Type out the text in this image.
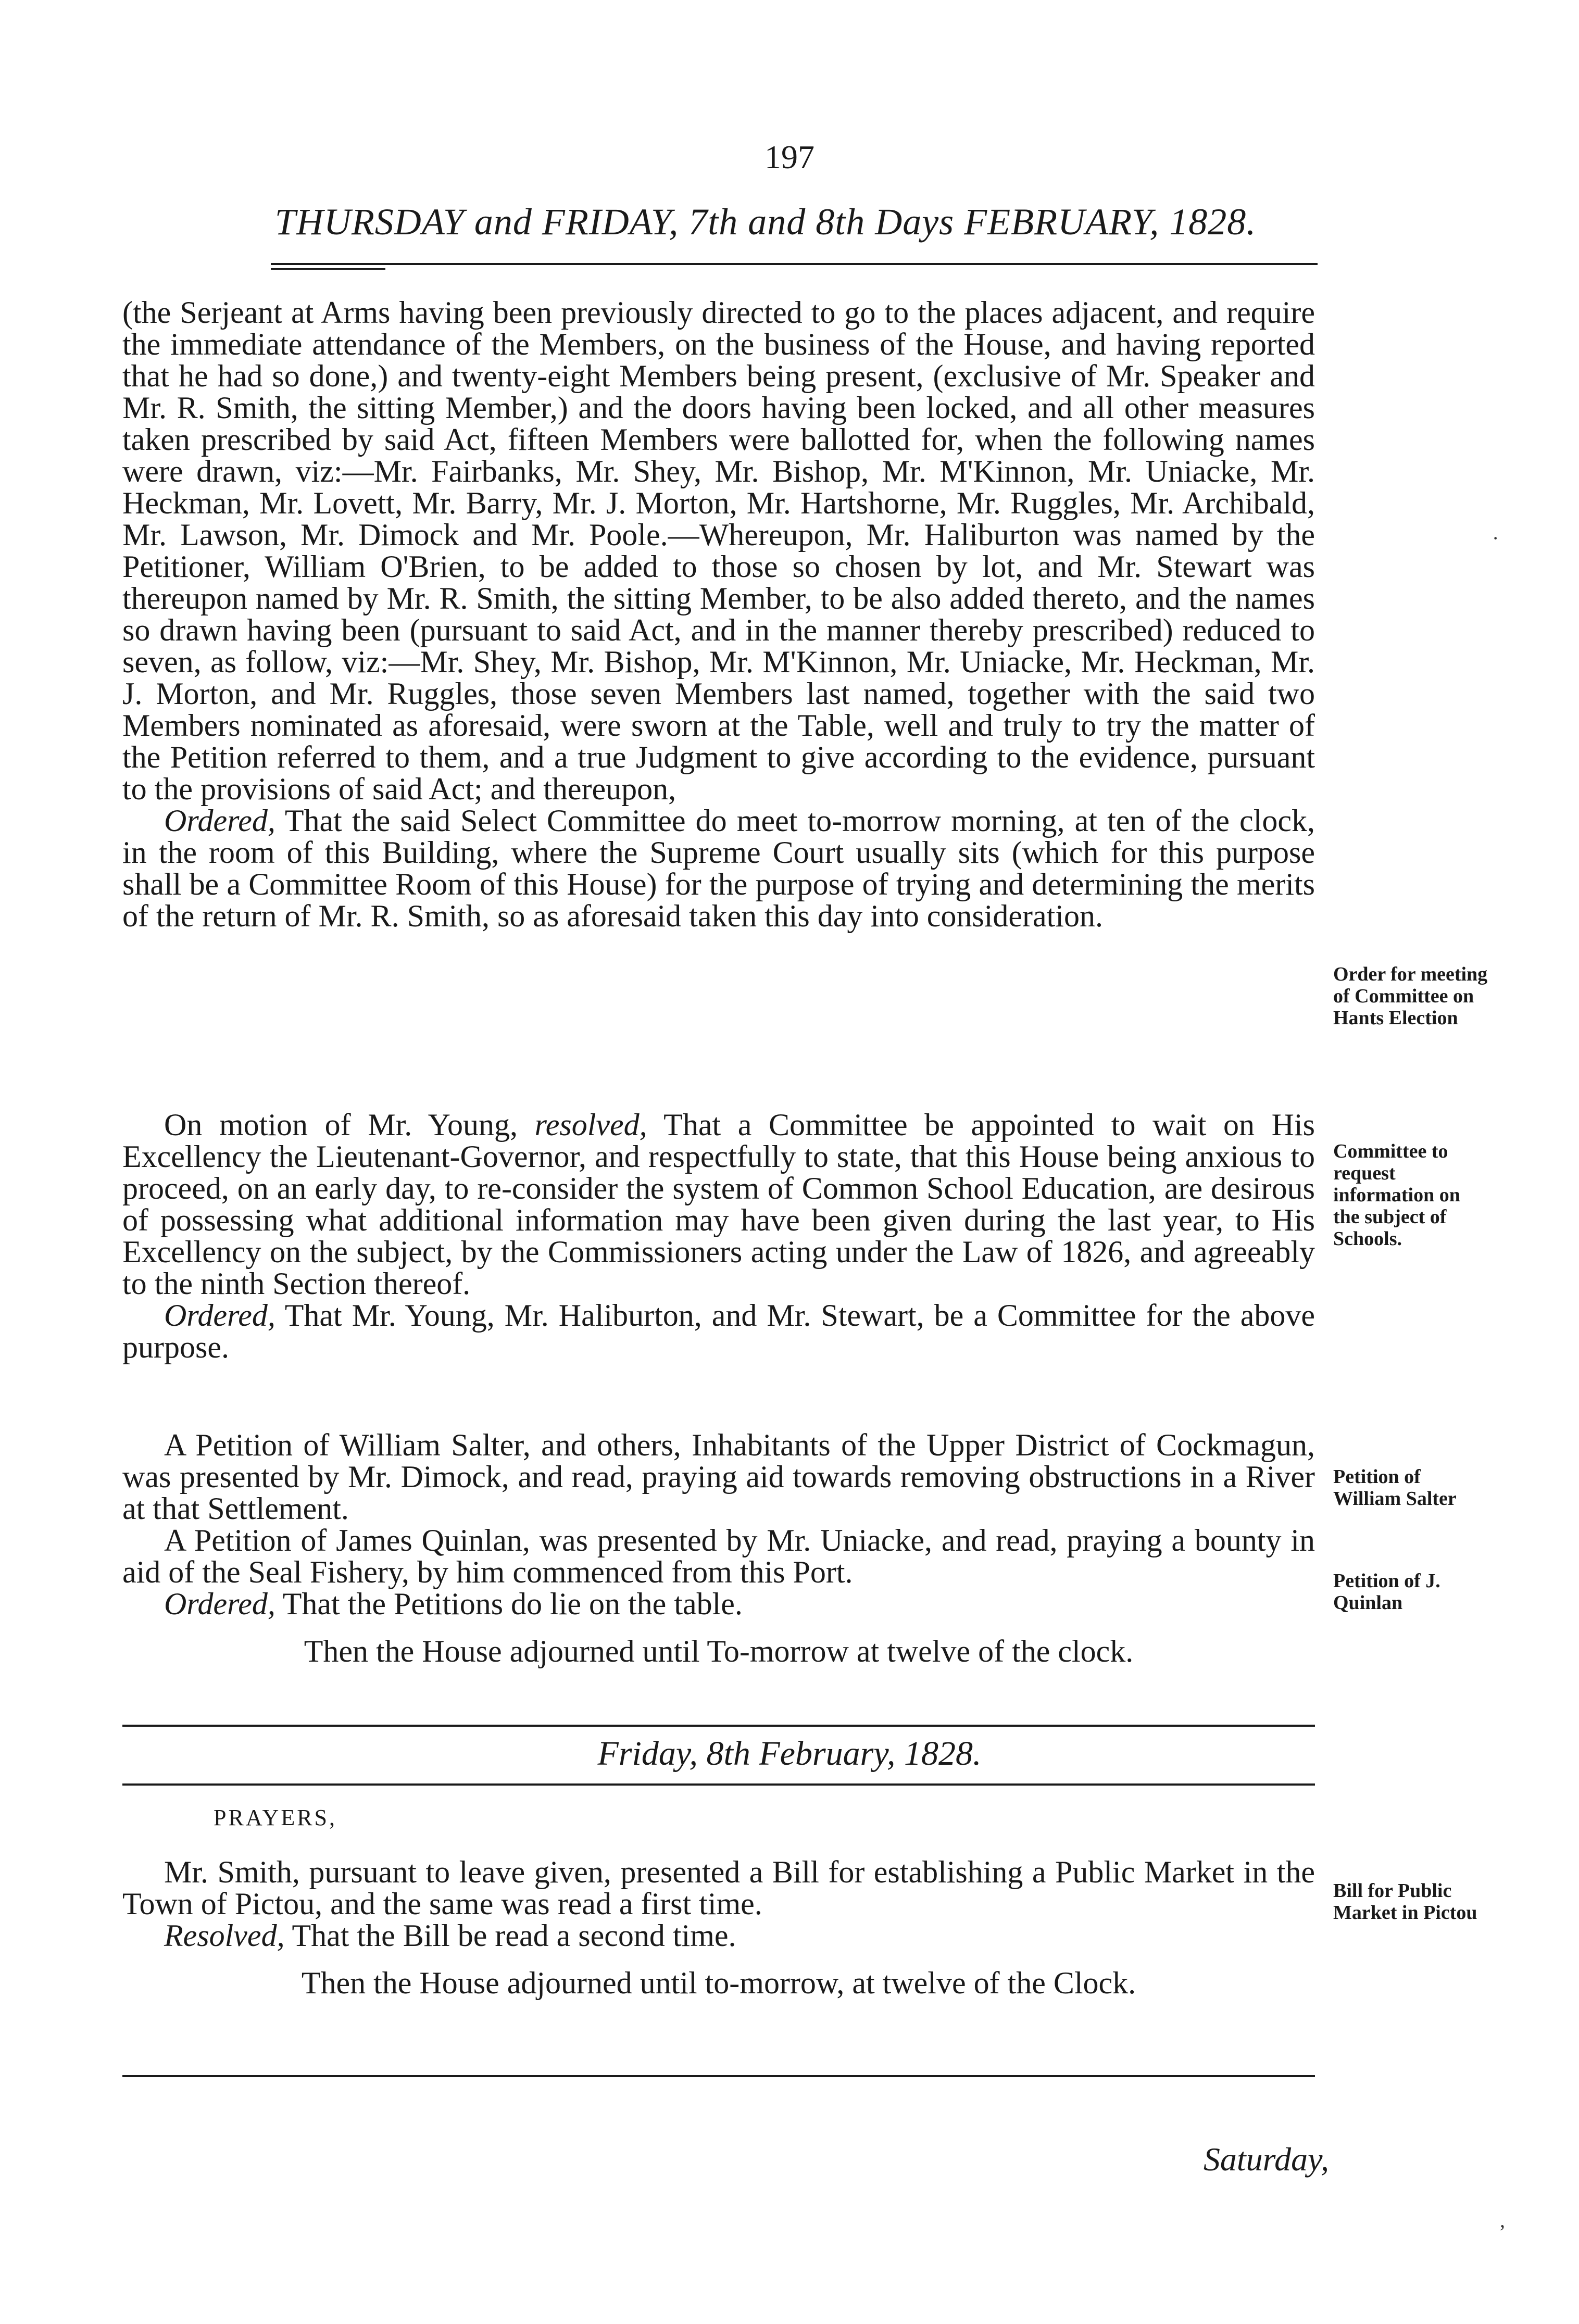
197
THURSDAY and FRIDAY, 7th and 8th Days FEBRUARY, 1828.

(the Serjeant at Arms having been previously directed to go to the places adjacent, and require the immediate attendance of the Members, on the business of the House, and having reported that he had so done,) and twenty-eight Members being present, (exclusive of Mr. Speaker and Mr. R. Smith, the sitting Member,) and the doors having been locked, and all other measures taken prescribed by said Act, fifteen Members were ballotted for, when the following names were drawn, viz:—Mr. Fairbanks, Mr. Shey, Mr. Bishop, Mr. M'Kinnon, Mr. Uniacke, Mr. Heckman, Mr. Lovett, Mr. Barry, Mr. J. Morton, Mr. Hartshorne, Mr. Ruggles, Mr. Archibald, Mr. Lawson, Mr. Dimock and Mr. Poole.—Whereupon, Mr. Haliburton was named by the Petitioner, William O'Brien, to be added to those so chosen by lot, and Mr. Stewart was thereupon named by Mr. R. Smith, the sitting Member, to be also added thereto, and the names so drawn having been (pursuant to said Act, and in the manner thereby prescribed) reduced to seven, as follow, viz:—Mr. Shey, Mr. Bishop, Mr. M'Kinnon, Mr. Uniacke, Mr. Heckman, Mr. J. Morton, and Mr. Ruggles, those seven Members last named, together with the said two Members nominated as aforesaid, were sworn at the Table, well and truly to try the matter of the Petition referred to them, and a true Judgment to give according to the evidence, pursuant to the provisions of said Act; and thereupon,

Ordered, That the said Select Committee do meet to-morrow morning, at ten of the clock, in the room of this Building, where the Supreme Court usually sits (which for this purpose shall be a Committee Room of this House) for the purpose of trying and determining the merits of the return of Mr. R. Smith, so as aforesaid taken this day into consideration.

On motion of Mr. Young, resolved, That a Committee be appointed to wait on His Excellency the Lieutenant-Governor, and respectfully to state, that this House being anxious to proceed, on an early day, to re-consider the system of Common School Education, are desirous of possessing what additional information may have been given during the last year, to His Excellency on the subject, by the Commissioners acting under the Law of 1826, and agreeably to the ninth Section thereof.

Ordered, That Mr. Young, Mr. Haliburton, and Mr. Stewart, be a Committee for the above purpose.

A Petition of William Salter, and others, Inhabitants of the Upper District of Cockmagun, was presented by Mr. Dimock, and read, praying aid towards removing obstructions in a River at that Settlement.

A Petition of James Quinlan, was presented by Mr. Uniacke, and read, praying a bounty in aid of the Seal Fishery, by him commenced from this Port.

Ordered, That the Petitions do lie on the table.

Then the House adjourned until To-morrow at twelve of the clock.

Friday, 8th February, 1828.
PRAYERS,

Mr. Smith, pursuant to leave given, presented a Bill for establishing a Public Market in the Town of Pictou, and the same was read a first time.

Resolved, That the Bill be read a second time.

Then the House adjourned until to-morrow, at twelve of the Clock.

Order for meeting of Committee on Hants Election
Committee to request information on the subject of Schools.
Petition of William Salter
Petition of J. Quinlan
Bill for Public Market in Pictou
Saturday,
·
,
